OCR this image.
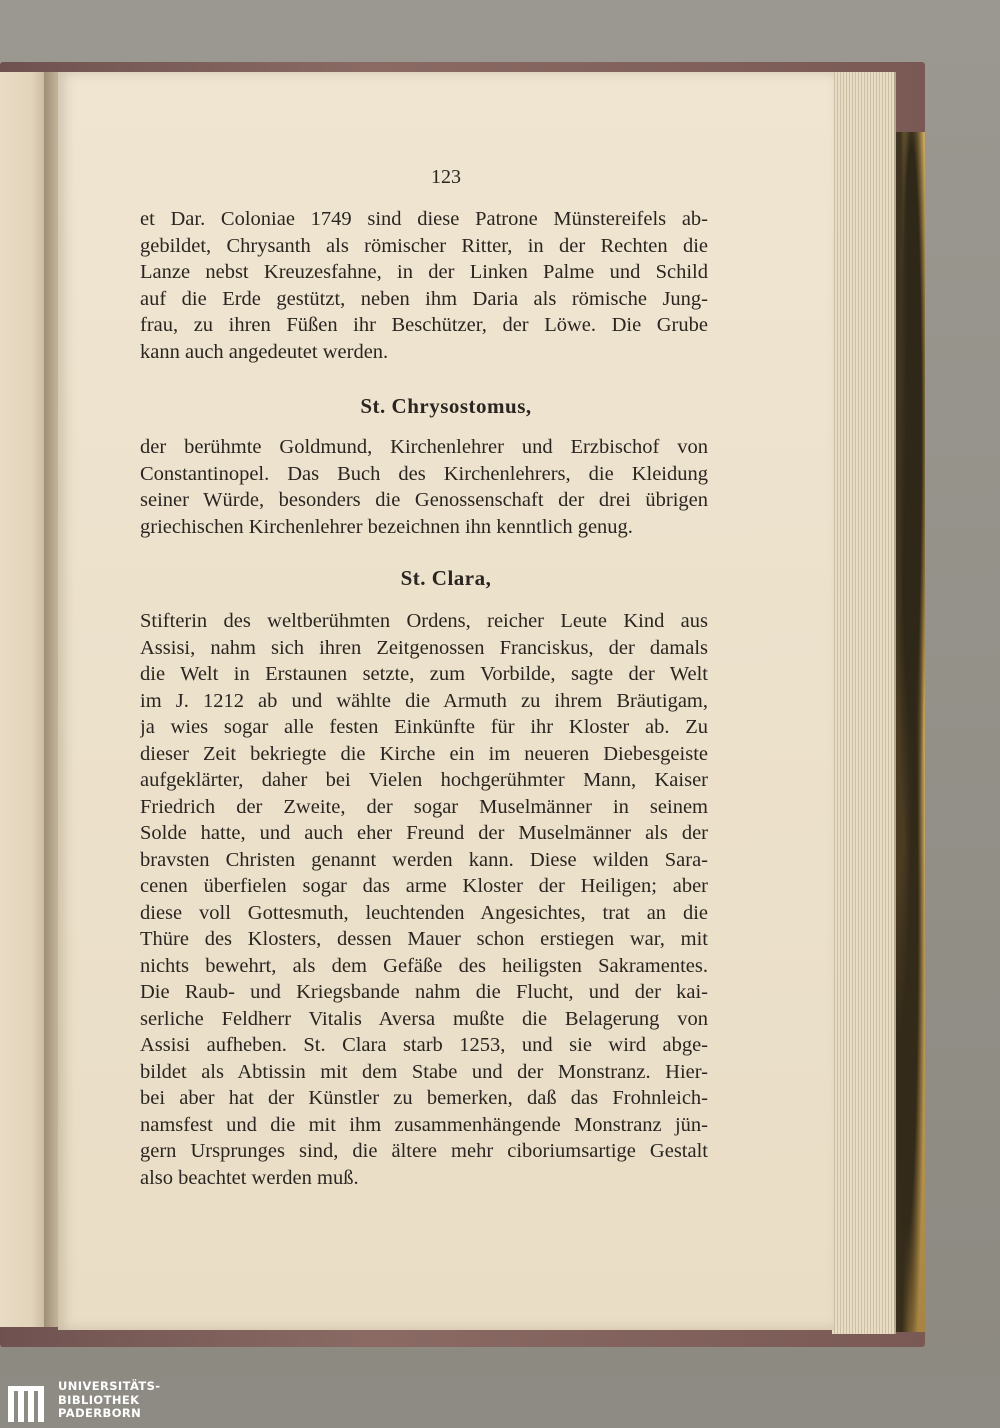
123
et Dar. Coloniae 1749 sind diese Patrone Münstereifels ab-
gebildet, Chrysanth als römischer Ritter, in der Rechten die
Lanze nebst Kreuzesfahne, in der Linken Palme und Schild
auf die Erde gestützt, neben ihm Daria als römische Jung-
frau, zu ihren Füßen ihr Beschützer, der Löwe. Die Grube
kann auch angedeutet werden.
St. Chrysostomus,
der berühmte Goldmund, Kirchenlehrer und Erzbischof von
Constantinopel. Das Buch des Kirchenlehrers, die Kleidung
seiner Würde, besonders die Genossenschaft der drei übrigen
griechischen Kirchenlehrer bezeichnen ihn kenntlich genug.
St. Clara,
Stifterin des weltberühmten Ordens, reicher Leute Kind aus
Assisi, nahm sich ihren Zeitgenossen Franciskus, der damals
die Welt in Erstaunen setzte, zum Vorbilde, sagte der Welt
im J. 1212 ab und wählte die Armuth zu ihrem Bräutigam,
ja wies sogar alle festen Einkünfte für ihr Kloster ab. Zu
dieser Zeit bekriegte die Kirche ein im neueren Diebesgeiste
aufgeklärter, daher bei Vielen hochgerühmter Mann, Kaiser
Friedrich der Zweite, der sogar Muselmänner in seinem
Solde hatte, und auch eher Freund der Muselmänner als der
bravsten Christen genannt werden kann. Diese wilden Sara-
cenen überfielen sogar das arme Kloster der Heiligen; aber
diese voll Gottesmuth, leuchtenden Angesichtes, trat an die
Thüre des Klosters, dessen Mauer schon erstiegen war, mit
nichts bewehrt, als dem Gefäße des heiligsten Sakramentes.
Die Raub- und Kriegsbande nahm die Flucht, und der kai-
serliche Feldherr Vitalis Aversa mußte die Belagerung von
Assisi aufheben. St. Clara starb 1253, und sie wird abge-
bildet als Abtissin mit dem Stabe und der Monstranz. Hier-
bei aber hat der Künstler zu bemerken, daß das Frohnleich-
namsfest und die mit ihm zusammenhängende Monstranz jün-
gern Ursprunges sind, die ältere mehr ciboriumsartige Gestalt
also beachtet werden muß.
UNIVERSITÄTS-
BIBLIOTHEK
PADERBORN
